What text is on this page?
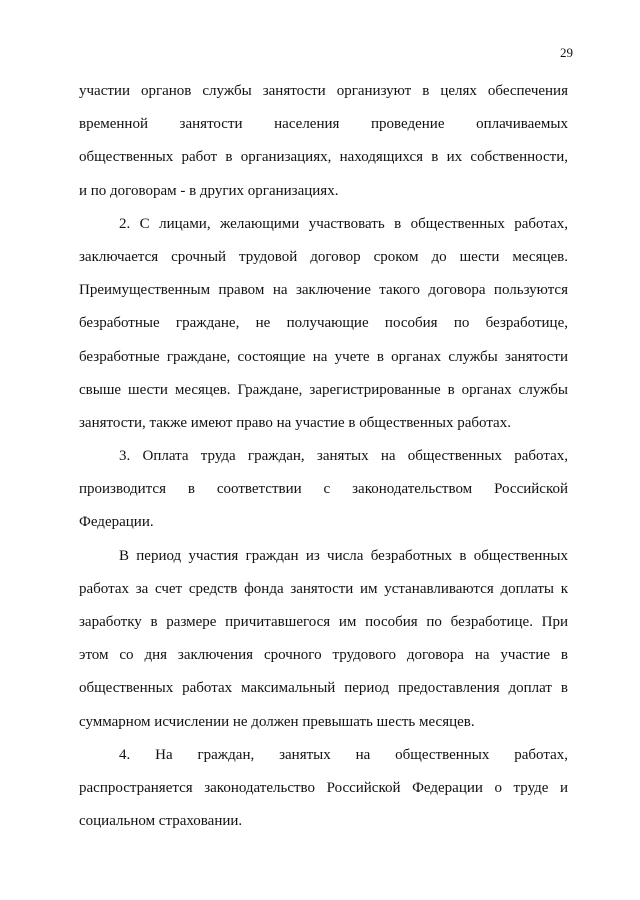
29

участии органов службы занятости организуют в целях обеспечения

временной занятости населения проведение оплачиваемых

общественных работ в организациях, находящихся в их собственности,

и по договорам - в других организациях.

2. С лицами, желающими участвовать в общественных работах,

заключается срочный трудовой договор сроком до шести месяцев.

Преимущественным правом на заключение такого договора пользуются

безработные граждане, не получающие пособия по безработице,

безработные граждане, состоящие на учете в органах службы занятости

свыше шести месяцев. Граждане, зарегистрированные в органах службы

занятости, также имеют право на участие в общественных работах.

3. Оплата труда граждан, занятых на общественных работах,

производится в соответствии с законодательством Российской

Федерации.

В период участия граждан из числа безработных в общественных

работах за счет средств фонда занятости им устанавливаются доплаты к

заработку в размере причитавшегося им пособия по безработице. При

этом со дня заключения срочного трудового договора на участие в

общественных работах максимальный период предоставления доплат в

суммарном исчислении не должен превышать шесть месяцев.

4. На граждан, занятых на общественных работах,

распространяется законодательство Российской Федерации о труде и

социальном страховании.
